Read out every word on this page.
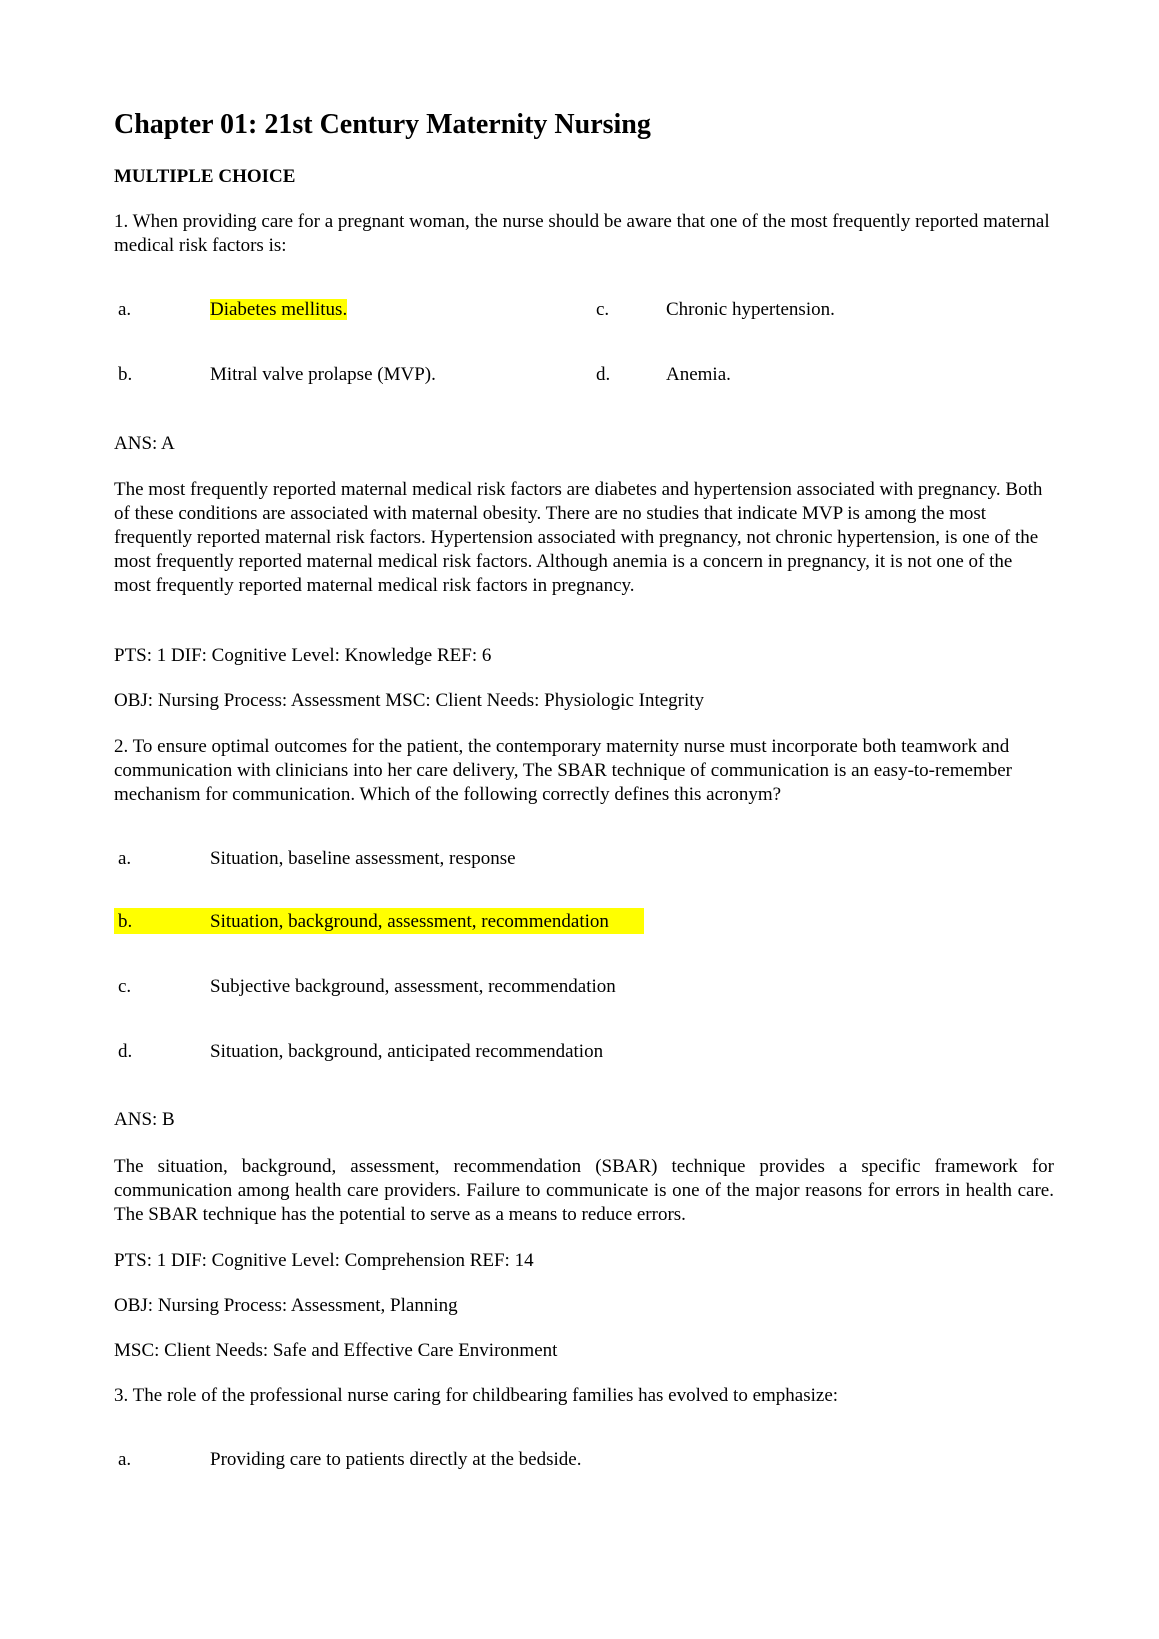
Chapter 01: 21st Century Maternity Nursing
MULTIPLE CHOICE
1. When providing care for a pregnant woman, the nurse should be aware that one of the most frequently reported maternal medical risk factors is:
a.	Diabetes mellitus.	c.	Chronic hypertension.
b.	Mitral valve prolapse (MVP).	d.	Anemia.
ANS: A
The most frequently reported maternal medical risk factors are diabetes and hypertension associated with pregnancy. Both of these conditions are associated with maternal obesity. There are no studies that indicate MVP is among the most frequently reported maternal risk factors. Hypertension associated with pregnancy, not chronic hypertension, is one of the most frequently reported maternal medical risk factors. Although anemia is a concern in pregnancy, it is not one of the most frequently reported maternal medical risk factors in pregnancy.
PTS: 1 DIF: Cognitive Level: Knowledge REF: 6
OBJ: Nursing Process: Assessment MSC: Client Needs: Physiologic Integrity
2. To ensure optimal outcomes for the patient, the contemporary maternity nurse must incorporate both teamwork and communication with clinicians into her care delivery, The SBAR technique of communication is an easy-to-remember mechanism for communication. Which of the following correctly defines this acronym?
a.	Situation, baseline assessment, response
b.	Situation, background, assessment, recommendation
c.	Subjective background, assessment, recommendation
d.	Situation, background, anticipated recommendation
ANS: B
The situation, background, assessment, recommendation (SBAR) technique provides a specific framework for communication among health care providers. Failure to communicate is one of the major reasons for errors in health care. The SBAR technique has the potential to serve as a means to reduce errors.
PTS: 1 DIF: Cognitive Level: Comprehension REF: 14
OBJ: Nursing Process: Assessment, Planning
MSC: Client Needs: Safe and Effective Care Environment
3. The role of the professional nurse caring for childbearing families has evolved to emphasize:
a.	Providing care to patients directly at the bedside.
